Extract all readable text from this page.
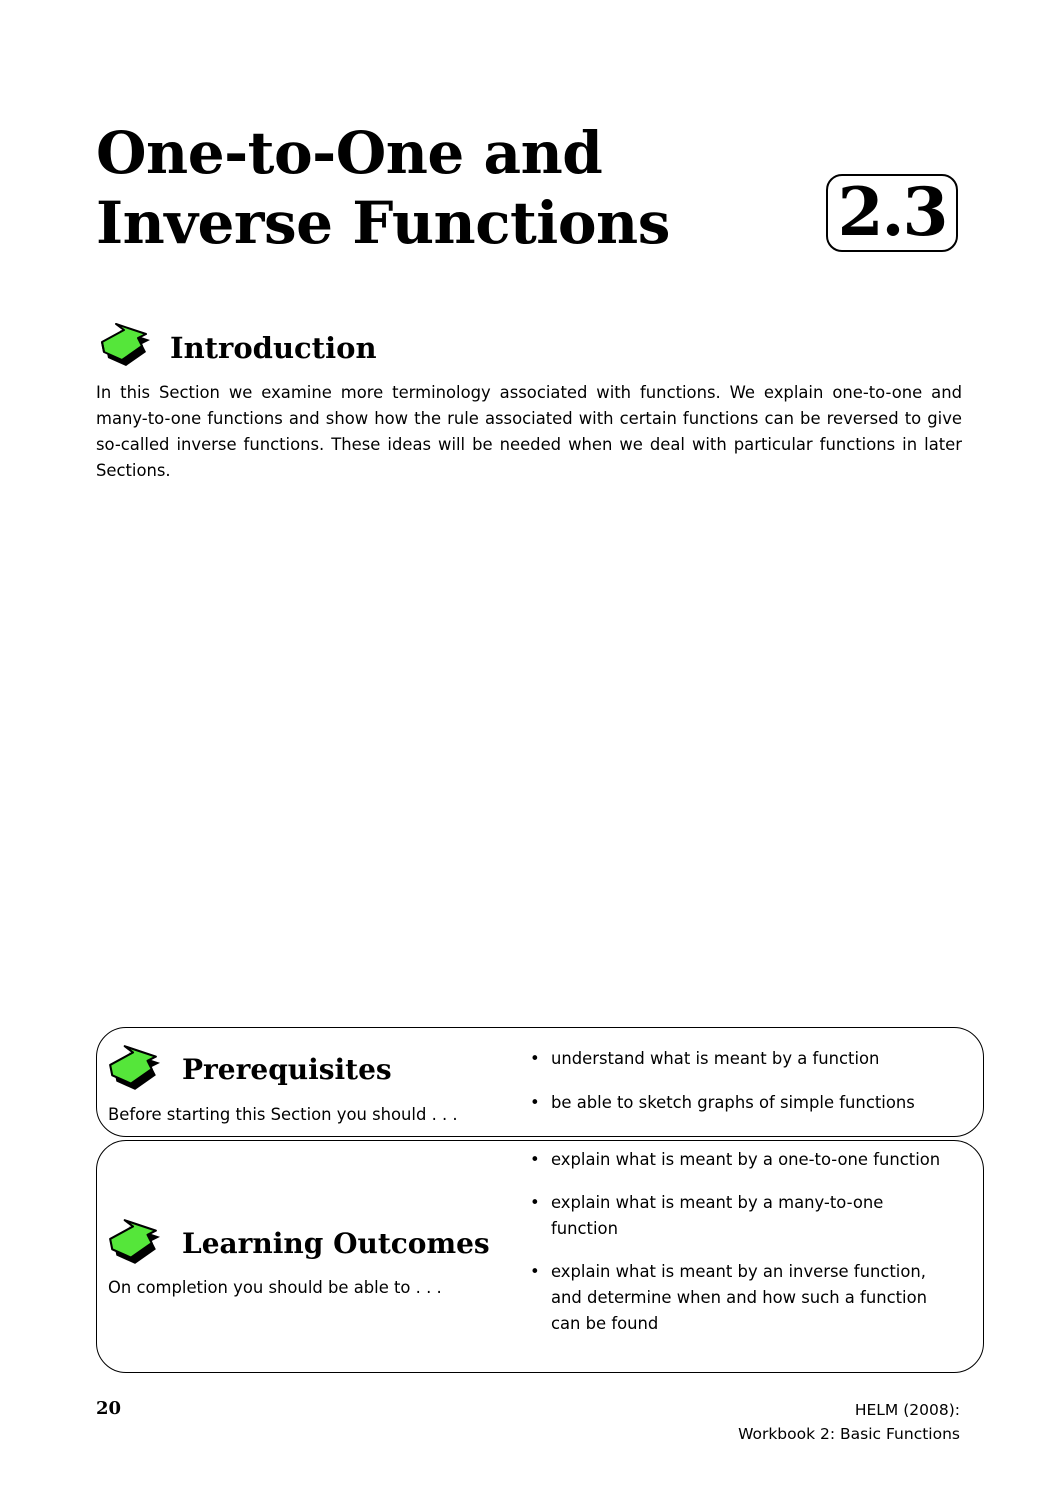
One-to-One and
Inverse Functions	2.3
Introduction

In this Section we examine more terminology associated with functions. We explain one-to-one and many-to-one functions and show how the rule associated with certain functions can be reversed to give so-called inverse functions. These ideas will be needed when we deal with particular functions in later Sections.

Prerequisites

Before starting this Section you should . . .

• understand what is meant by a function
• be able to sketch graphs of simple functions
Learning Outcomes

On completion you should be able to . . .

• explain what is meant by a one-to-one function
• explain what is meant by a many-to-one function
• explain what is meant by an inverse function, and determine when and how such a function can be found

20	HELM (2008):
Workbook 2: Basic Functions
